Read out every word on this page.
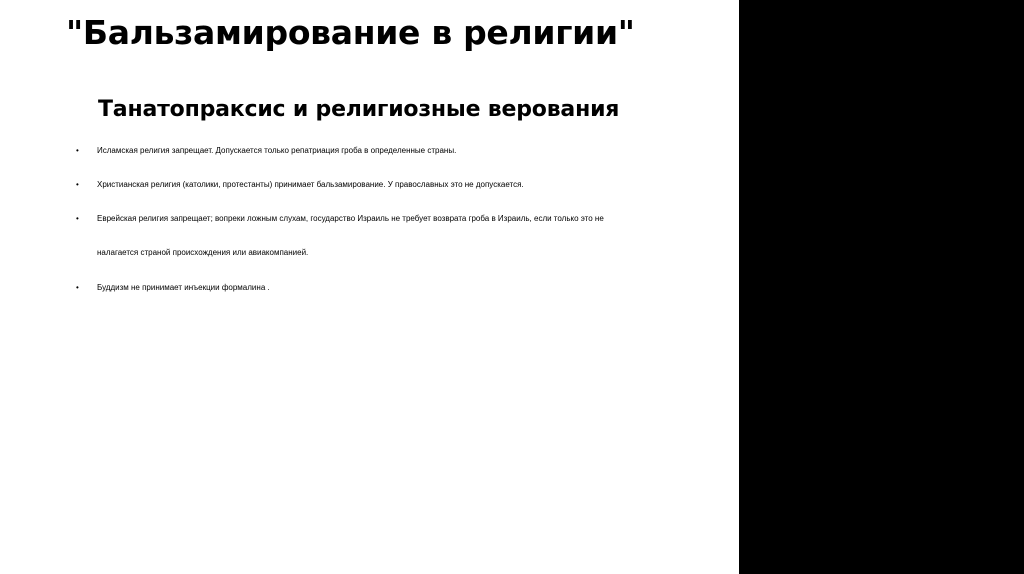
"Бальзамирование в религии"
Танатопраксис и религиозные верования
• Исламская религия запрещает. Допускается только репатриация гроба в определенные страны.
• Христианская религия (католики, протестанты) принимает бальзамирование. У православных это не допускается.
• Еврейская религия запрещает; вопреки ложным слухам, государство Израиль не требует возврата гроба в Израиль, если только это не
налагается страной происхождения или авиакомпанией.
• Буддизм не принимает инъекции формалина .
